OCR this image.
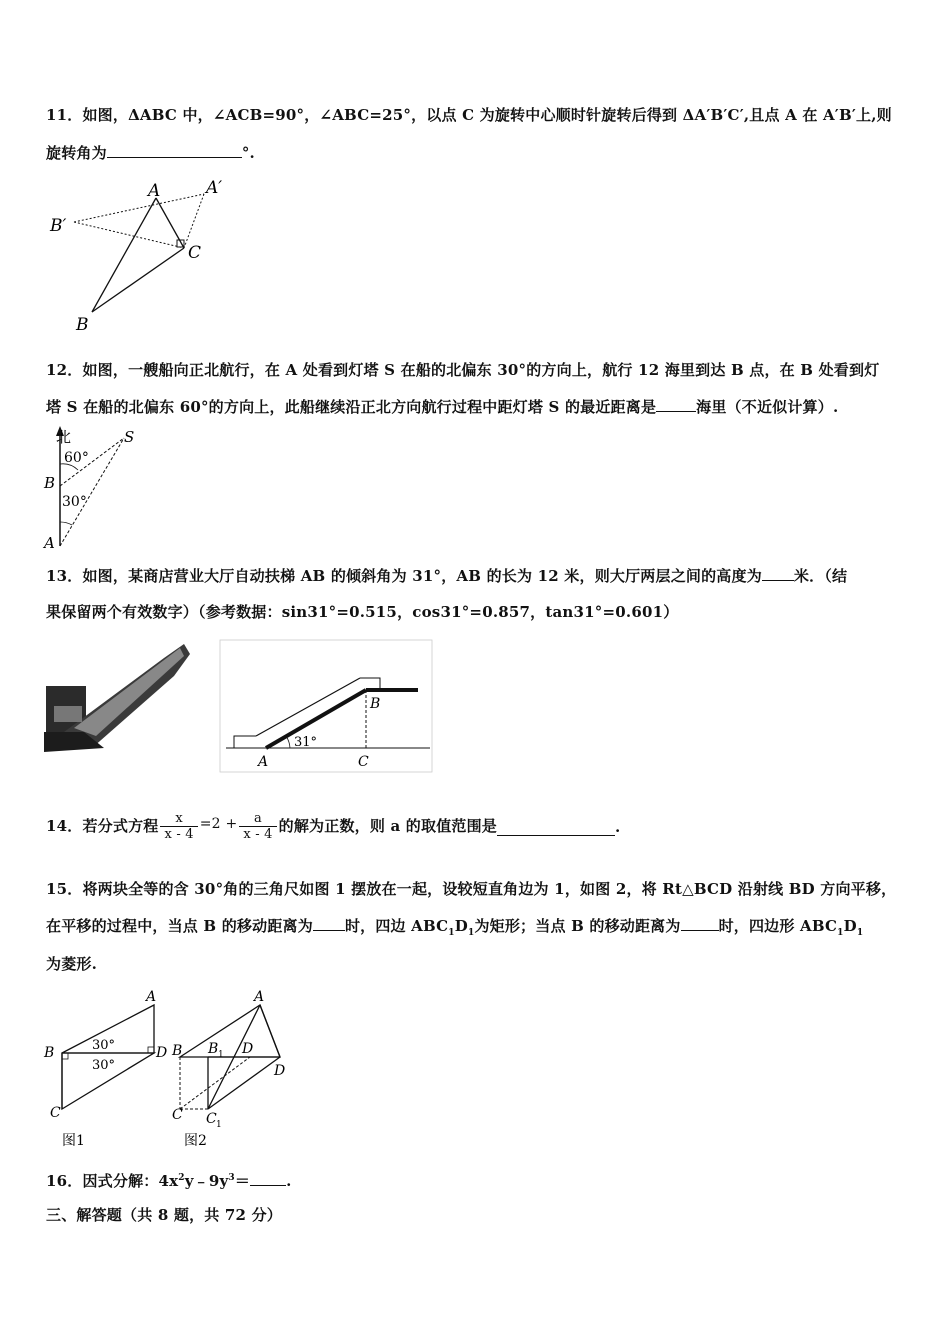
11．如图，ΔABC 中，∠ACB=90°，∠ABC=25°，以点 C 为旋转中心顺时针旋转后得到 ΔA′B′C′,且点 A 在 A′B′上,则
旋转角为	°.
A	A′
B′
C
B
12．如图，一艘船向正北航行，在 A 处看到灯塔 S 在船的北偏东 30°的方向上，航行 12 海里到达 B 点，在 B 处看到灯
塔 S 在船的北偏东 60°的方向上，此船继续沿正北方向航行过程中距灯塔 S 的最近距离是	海里（不近似计算）.
北	S
60°
B
30°
A
13．如图，某商店营业大厅自动扶梯 AB 的倾斜角为 31°，AB 的长为 12 米，则大厅两层之间的高度为 米．（结
果保留两个有效数字）（参考数据：sin31°=0.515，cos31°=0.857，tan31°=0.601）
B
31°
A	C
14．若分式方程 $\frac{x}{x - 4} =2 + \frac{a}{x - 4}$ 的解为正数，则 a 的取值范围是	.
15．将两块全等的含 30°角的三角尺如图 1 摆放在一起，设较短直角边为 1，如图 2，将 Rt△BCD 沿射线 BD 方向平移，
在平移的过程中，当点 B 的移动距离为 时，四边 $ABC_1D_1$为矩形；当点 B 的移动距离为	时，四边形 $ABC_1D_1$
为菱形.
A
B	D
C
30°
30°
图1
A
B B 1 D
D
C C 1
图2
16．因式分解：$4x^2y﹣9y^3=$ .
三、解答题（共 8 题，共 72 分）
